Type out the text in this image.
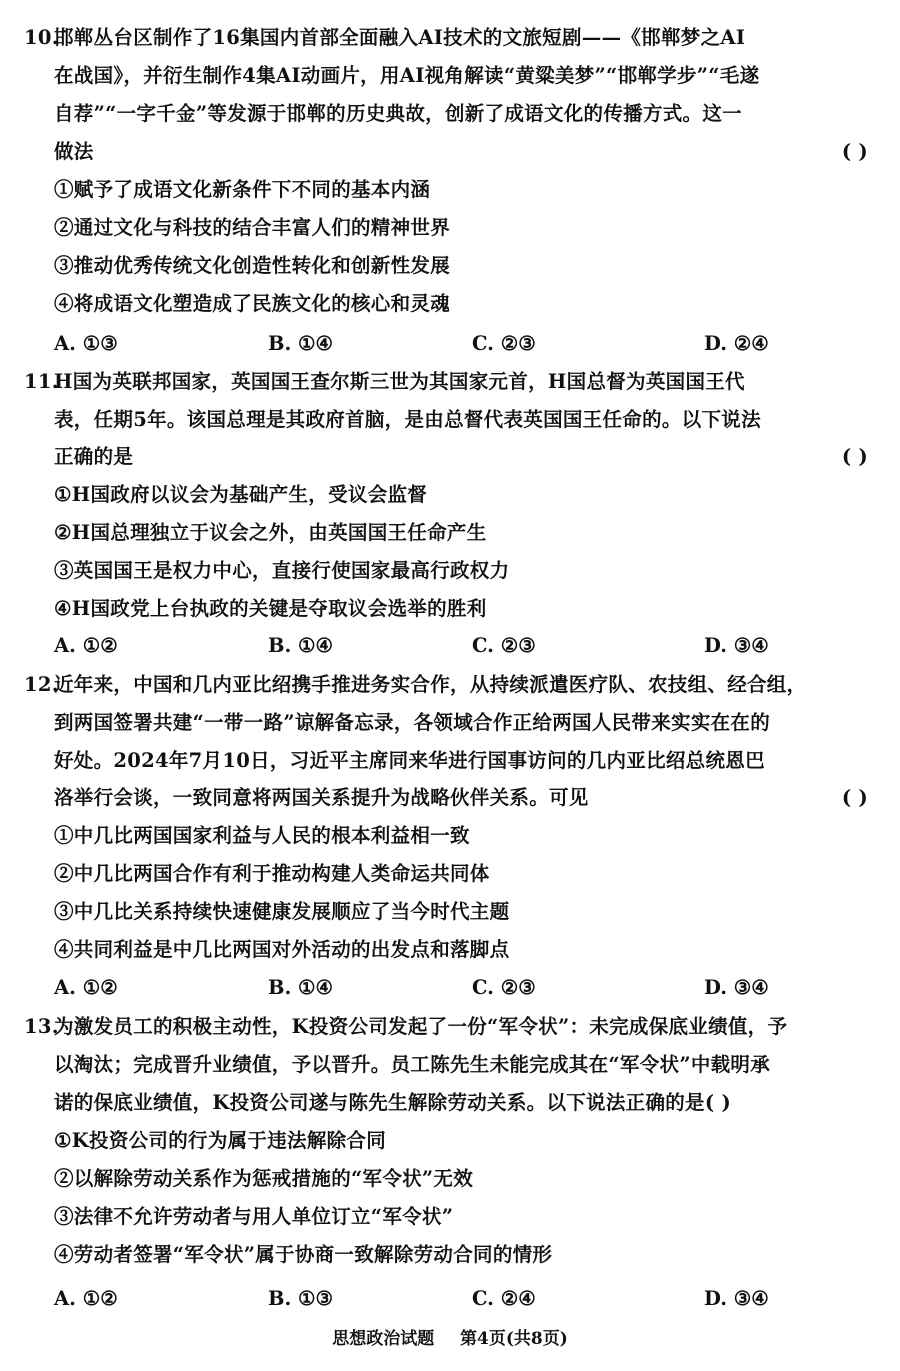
10.邯郸丛台区制作了16集国内首部全面融入AI技术的文旅短剧——《邯郸梦之AI
在战国》，并衍生制作4集AI动画片，用AI视角解读“黄粱美梦”“邯郸学步”“毛遂
自荐”“一字千金”等发源于邯郸的历史典故，创新了成语文化的传播方式。这一
做法	( )
①赋予了成语文化新条件下不同的基本内涵
②通过文化与科技的结合丰富人们的精神世界
③推动优秀传统文化创造性转化和创新性发展
④将成语文化塑造成了民族文化的核心和灵魂
A. ①③	B. ①④	C. ②③	D. ②④
11.H国为英联邦国家，英国国王查尔斯三世为其国家元首，H国总督为英国国王代
表，任期5年。该国总理是其政府首脑，是由总督代表英国国王任命的。以下说法
正确的是	( )
①H国政府以议会为基础产生，受议会监督
②H国总理独立于议会之外，由英国国王任命产生
③英国国王是权力中心，直接行使国家最高行政权力
④H国政党上台执政的关键是夺取议会选举的胜利
A. ①②	B. ①④	C. ②③	D. ③④
12.近年来，中国和几内亚比绍携手推进务实合作，从持续派遣医疗队、农技组、经合组，
到两国签署共建“一带一路”谅解备忘录，各领域合作正给两国人民带来实实在在的
好处。2024年7月10日，习近平主席同来华进行国事访问的几内亚比绍总统恩巴
洛举行会谈，一致同意将两国关系提升为战略伙伴关系。可见	( )
①中几比两国国家利益与人民的根本利益相一致
②中几比两国合作有利于推动构建人类命运共同体
③中几比关系持续快速健康发展顺应了当今时代主题
④共同利益是中几比两国对外活动的出发点和落脚点
A. ①②	B. ①④	C. ②③	D. ③④
13.为激发员工的积极主动性，K投资公司发起了一份“军令状”：未完成保底业绩值，予
以淘汰；完成晋升业绩值，予以晋升。员工陈先生未能完成其在“军令状”中载明承
诺的保底业绩值，K投资公司遂与陈先生解除劳动关系。以下说法正确的是( )
①K投资公司的行为属于违法解除合同
②以解除劳动关系作为惩戒措施的“军令状”无效
③法律不允许劳动者与用人单位订立“军令状”
④劳动者签署“军令状”属于协商一致解除劳动合同的情形
A. ①②	B. ①③	C. ②④	D. ③④
思想政治试题 第4页(共8页)
